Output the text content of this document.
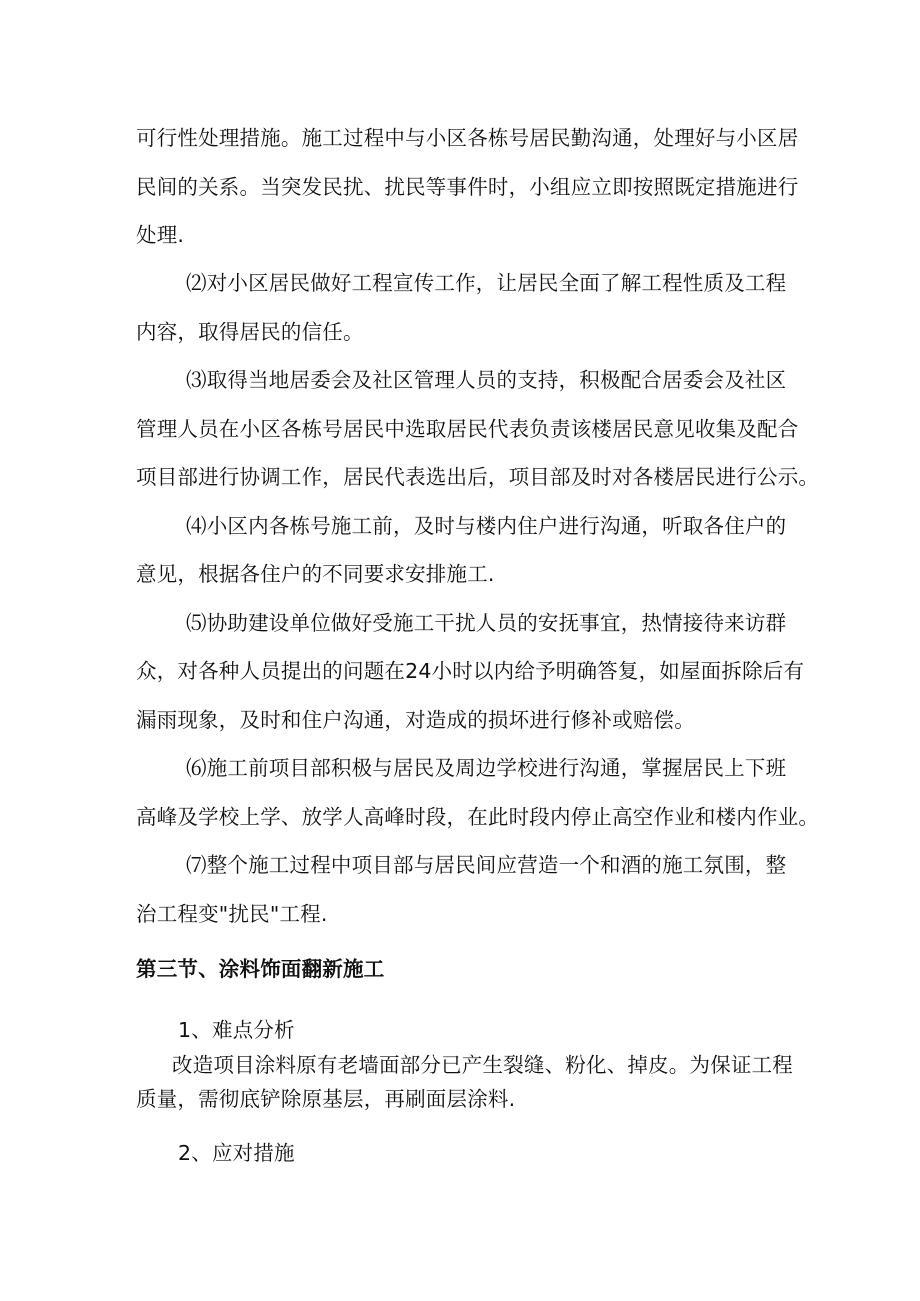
可行性处理措施。施工过程中与小区各栋号居民勤沟通，处理好与小区居
民间的关系。当突发民扰、扰民等事件时，小组应立即按照既定措施进行
处理.
⑵对小区居民做好工程宣传工作，让居民全面了解工程性质及工程
内容，取得居民的信任。
⑶取得当地居委会及社区管理人员的支持，积极配合居委会及社区
管理人员在小区各栋号居民中选取居民代表负责该楼居民意见收集及配合
项目部进行协调工作，居民代表选出后，项目部及时对各楼居民进行公示。
⑷小区内各栋号施工前，及时与楼内住户进行沟通，听取各住户的
意见，根据各住户的不同要求安排施工.
⑸协助建设单位做好受施工干扰人员的安抚事宜，热情接待来访群
众，对各种人员提出的问题在24小时以内给予明确答复，如屋面拆除后有
漏雨现象，及时和住户沟通，对造成的损坏进行修补或赔偿。
⑹施工前项目部积极与居民及周边学校进行沟通，掌握居民上下班
高峰及学校上学、放学人高峰时段，在此时段内停止高空作业和楼内作业。
⑺整个施工过程中项目部与居民间应营造一个和酒的施工氛围，整
治工程变"扰民"工程.
第三节、涂料饰面翻新施工
1、难点分析
改造项目涂料原有老墙面部分已产生裂缝、粉化、掉皮。为保证工程
质量，需彻底铲除原基层，再刷面层涂料.
2、应对措施
